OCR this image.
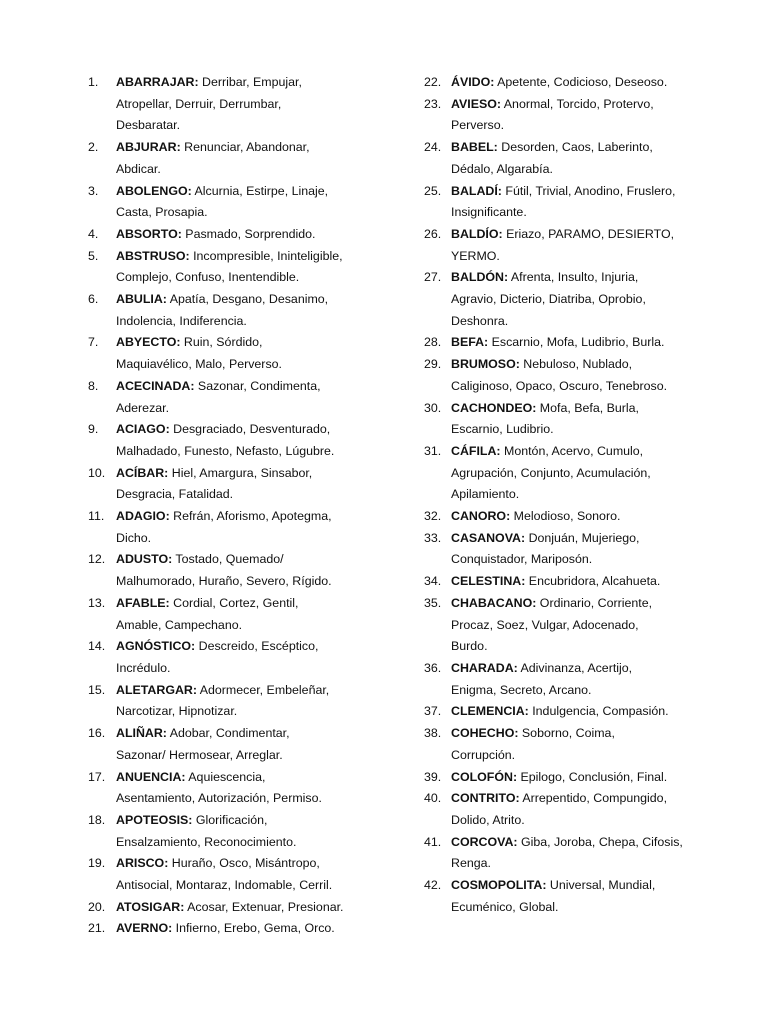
1.	ABARRAJAR: Derribar, Empujar,
Atropellar, Derruir, Derrumbar,
Desbaratar.
2.	ABJURAR: Renunciar, Abandonar,
Abdicar.
3.	ABOLENGO: Alcurnia, Estirpe, Linaje,
Casta, Prosapia.
4.	ABSORTO: Pasmado, Sorprendido.
5.	ABSTRUSO: Incompresible, Ininteligible,
Complejo, Confuso, Inentendible.
6.	ABULIA: Apatía, Desgano, Desanimo,
Indolencia, Indiferencia.
7.	ABYECTO: Ruin, Sórdido,
Maquiavélico, Malo, Perverso.
8.	ACECINADA: Sazonar, Condimenta,
Aderezar.
9.	ACIAGO: Desgraciado, Desventurado,
Malhadado, Funesto, Nefasto, Lúgubre.
10. ACÍBAR: Hiel, Amargura, Sinsabor,
Desgracia, Fatalidad.
11. ADAGIO: Refrán, Aforismo, Apotegma,
Dicho.
12. ADUSTO: Tostado, Quemado/
Malhumorado, Huraño, Severo, Rígido.
13. AFABLE: Cordial, Cortez, Gentil,
Amable, Campechano.
14. AGNÓSTICO: Descreido, Escéptico,
Incrédulo.
15. ALETARGAR: Adormecer, Embeleñar,
Narcotizar, Hipnotizar.
16. ALIÑAR: Adobar, Condimentar,
Sazonar/ Hermosear, Arreglar.
17. ANUENCIA: Aquiescencia,
Asentamiento, Autorización, Permiso.
18. APOTEOSIS: Glorificación,
Ensalzamiento, Reconocimiento.
19. ARISCO: Huraño, Osco, Misántropo,
Antisocial, Montaraz, Indomable, Cerril.
20. ATOSIGAR: Acosar, Extenuar, Presionar.
21. AVERNO: Infierno, Erebo, Gema, Orco.
22. ÁVIDO: Apetente, Codicioso, Deseoso.
23. AVIESO: Anormal, Torcido, Protervo,
Perverso.
24. BABEL: Desorden, Caos, Laberinto,
Dédalo, Algarabía.
25. BALADÍ: Fútil, Trivial, Anodino, Fruslero,
Insignificante.
26. BALDÍO: Eriazo, PARAMO, DESIERTO,
YERMO.
27. BALDÓN: Afrenta, Insulto, Injuria,
Agravio, Dicterio, Diatriba, Oprobio,
Deshonra.
28. BEFA: Escarnio, Mofa, Ludibrio, Burla.
29. BRUMOSO: Nebuloso, Nublado,
Caliginoso, Opaco, Oscuro, Tenebroso.
30. CACHONDEO: Mofa, Befa, Burla,
Escarnio, Ludibrio.
31. CÁFILA: Montón, Acervo, Cumulo,
Agrupación, Conjunto, Acumulación,
Apilamiento.
32. CANORO: Melodioso, Sonoro.
33. CASANOVA: Donjuán, Mujeriego,
Conquistador, Mariposón.
34. CELESTINA: Encubridora, Alcahueta.
35. CHABACANO: Ordinario, Corriente,
Procaz, Soez, Vulgar, Adocenado,
Burdo.
36. CHARADA: Adivinanza, Acertijo,
Enigma, Secreto, Arcano.
37. CLEMENCIA: Indulgencia, Compasión.
38. COHECHO: Soborno, Coima,
Corrupción.
39. COLOFÓN: Epilogo, Conclusión, Final.
40. CONTRITO: Arrepentido, Compungido,
Dolido, Atrito.
41. CORCOVA: Giba, Joroba, Chepa, Cifosis,
Renga.
42. COSMOPOLITA: Universal, Mundial,
Ecuménico, Global.
